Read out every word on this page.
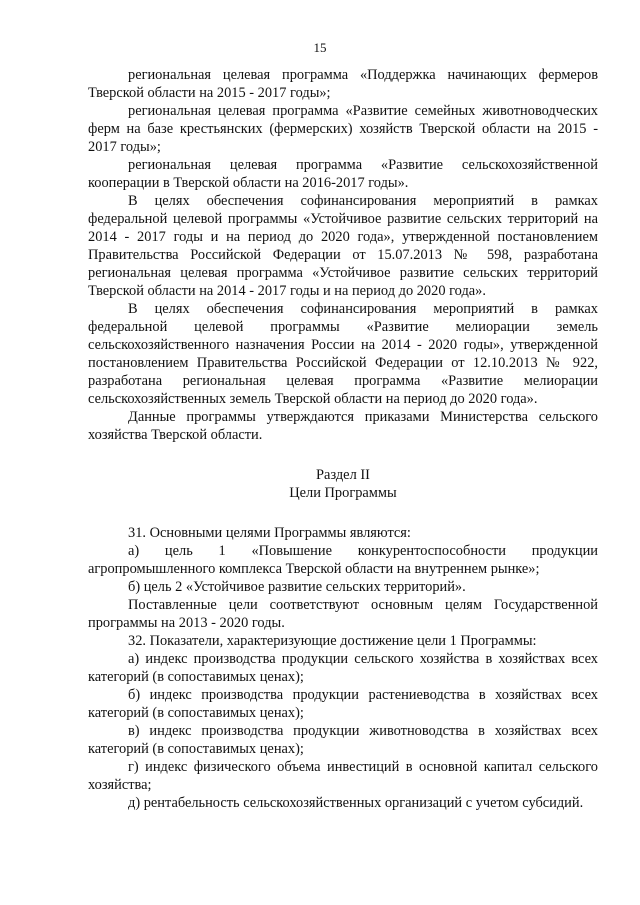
15

региональная целевая программа «Поддержка начинающих фермеров Тверской области на 2015 - 2017 годы»;

региональная целевая программа «Развитие семейных животноводческих ферм на базе крестьянских (фермерских) хозяйств Тверской области на 2015 - 2017 годы»;

региональная целевая программа «Развитие сельскохозяйственной кооперации в Тверской области на 2016-2017 годы».

В целях обеспечения софинансирования мероприятий в рамках федеральной целевой программы «Устойчивое развитие сельских территорий на 2014 - 2017 годы и на период до 2020 года», утвержденной постановлением Правительства Российской Федерации от 15.07.2013 № 598, разработана региональная целевая программа «Устойчивое развитие сельских территорий Тверской области на 2014 - 2017 годы и на период до 2020 года».

В целях обеспечения софинансирования мероприятий в рамках федеральной целевой программы «Развитие мелиорации земель сельскохозяйственного назначения России на 2014 - 2020 годы», утвержденной постановлением Правительства Российской Федерации от 12.10.2013 № 922, разработана региональная целевая программа «Развитие мелиорации сельскохозяйственных земель Тверской области на период до 2020 года».

Данные программы утверждаются приказами Министерства сельского хозяйства Тверской области.

Раздел II

Цели Программы

31. Основными целями Программы являются:

а) цель 1 «Повышение конкурентоспособности продукции агропромышленного комплекса Тверской области на внутреннем рынке»;

б) цель 2 «Устойчивое развитие сельских территорий».

Поставленные цели соответствуют основным целям Государственной программы на 2013 - 2020 годы.

32. Показатели, характеризующие достижение цели 1 Программы:

а) индекс производства продукции сельского хозяйства в хозяйствах всех категорий (в сопоставимых ценах);

б) индекс производства продукции растениеводства в хозяйствах всех категорий (в сопоставимых ценах);

в) индекс производства продукции животноводства в хозяйствах всех категорий (в сопоставимых ценах);

г) индекс физического объема инвестиций в основной капитал сельского хозяйства;

д) рентабельность сельскохозяйственных организаций с учетом субсидий.
